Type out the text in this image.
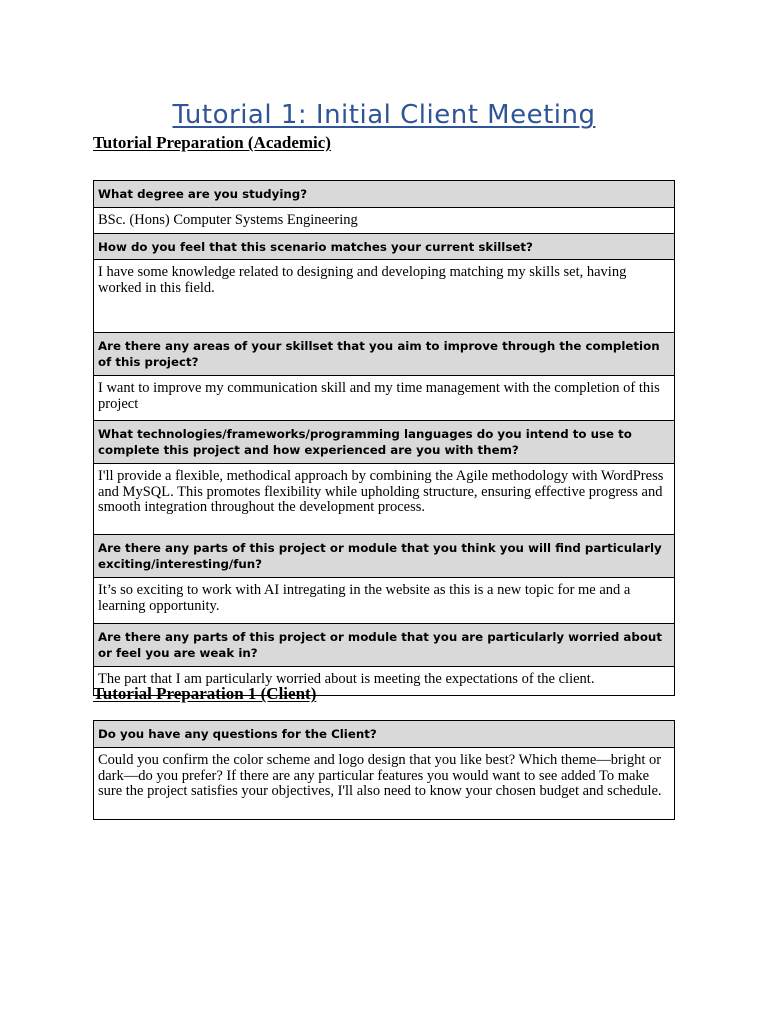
Tutorial 1: Initial Client Meeting
Tutorial Preparation (Academic)
What degree are you studying?
BSc. (Hons) Computer Systems Engineering
How do you feel that this scenario matches your current skillset?
I have some knowledge related to designing and developing matching my skills set, having worked in this field.
Are there any areas of your skillset that you aim to improve through the completion of this project?
I want to improve my communication skill and my time management with the completion of this project
What technologies/frameworks/programming languages do you intend to use to complete this project and how experienced are you with them?
I'll provide a flexible, methodical approach by combining the Agile methodology with WordPress and MySQL. This promotes flexibility while upholding structure, ensuring effective progress and smooth integration throughout the development process.
Are there any parts of this project or module that you think you will find particularly exciting/interesting/fun?
It’s so exciting to work with AI intregating in the website as this is a new topic for me and a learning opportunity.
Are there any parts of this project or module that you are particularly worried about or feel you are weak in?
The part that I am particularly worried about is meeting the expectations of the client.
Tutorial Preparation 1 (Client)
Do you have any questions for the Client?
Could you confirm the color scheme and logo design that you like best? Which theme—bright or dark—do you prefer? If there are any particular features you would want to see added To make sure the project satisfies your objectives, I'll also need to know your chosen budget and schedule.
